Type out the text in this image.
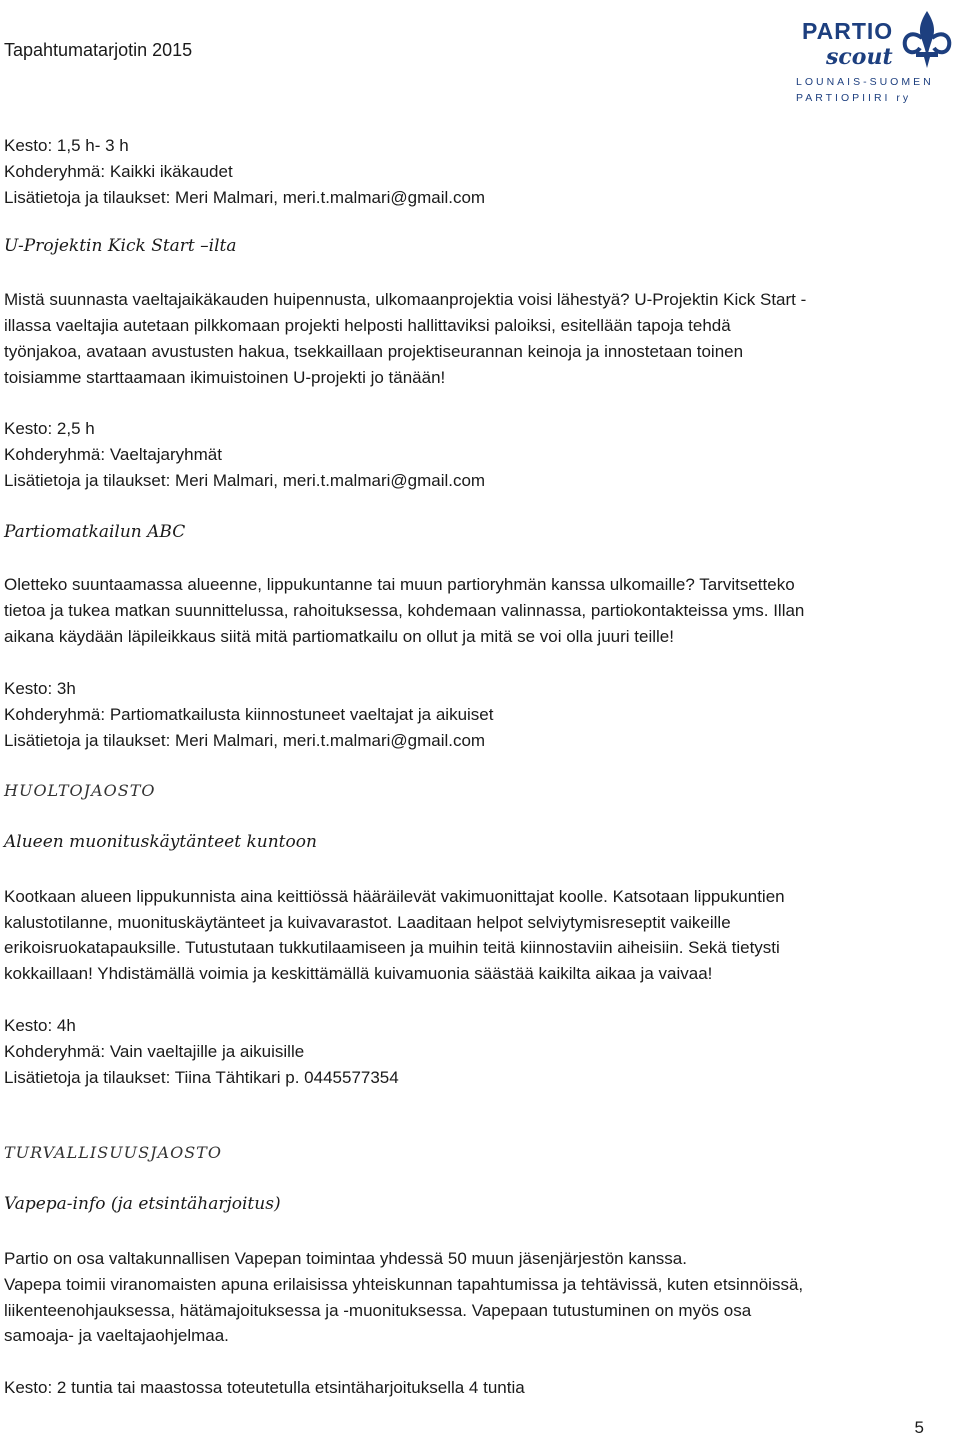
Tapahtumatarjotin 2015
PARTIO
scout
LOUNAIS-SUOMEN
PARTIOPIIRI ry
Kesto: 1,5 h- 3 h
Kohderyhmä: Kaikki ikäkaudet
Lisätietoja ja tilaukset: Meri Malmari, meri.t.malmari@gmail.com
U-Projektin Kick Start –ilta
Mistä suunnasta vaeltajaikäkauden huipennusta, ulkomaanprojektia voisi lähestyä? U-Projektin Kick Start -
illassa vaeltajia autetaan pilkkomaan projekti helposti hallittaviksi paloiksi, esitellään tapoja tehdä
työnjakoa, avataan avustusten hakua, tsekkaillaan projektiseurannan keinoja ja innostetaan toinen
toisiamme starttaamaan ikimuistoinen U-projekti jo tänään!
Kesto: 2,5 h
Kohderyhmä: Vaeltajaryhmät
Lisätietoja ja tilaukset: Meri Malmari, meri.t.malmari@gmail.com
Partiomatkailun ABC
Oletteko suuntaamassa alueenne, lippukuntanne tai muun partioryhmän kanssa ulkomaille? Tarvitsetteko
tietoa ja tukea matkan suunnittelussa, rahoituksessa, kohdemaan valinnassa, partiokontakteissa yms. Illan
aikana käydään läpileikkaus siitä mitä partiomatkailu on ollut ja mitä se voi olla juuri teille!
Kesto: 3h
Kohderyhmä: Partiomatkailusta kiinnostuneet vaeltajat ja aikuiset
Lisätietoja ja tilaukset: Meri Malmari, meri.t.malmari@gmail.com
HUOLTOJAOSTO
Alueen muonituskäytänteet kuntoon
Kootkaan alueen lippukunnista aina keittiössä hääräilevät vakimuonittajat koolle. Katsotaan lippukuntien
kalustotilanne, muonituskäytänteet ja kuivavarastot. Laaditaan helpot selviytymisreseptit vaikeille
erikoisruokatapauksille. Tutustutaan tukkutilaamiseen ja muihin teitä kiinnostaviin aiheisiin. Sekä tietysti
kokkaillaan! Yhdistämällä voimia ja keskittämällä kuivamuonia säästää kaikilta aikaa ja vaivaa!
Kesto: 4h
Kohderyhmä: Vain vaeltajille ja aikuisille
Lisätietoja ja tilaukset: Tiina Tähtikari p. 0445577354
TURVALLISUUSJAOSTO
Vapepa-info (ja etsintäharjoitus)
Partio on osa valtakunnallisen Vapepan toimintaa yhdessä 50 muun jäsenjärjestön kanssa.
Vapepa toimii viranomaisten apuna erilaisissa yhteiskunnan tapahtumissa ja tehtävissä, kuten etsinnöissä,
liikenteenohjauksessa, hätämajoituksessa ja -muonituksessa. Vapepaan tutustuminen on myös osa
samoaja- ja vaeltajaohjelmaa.
Kesto: 2 tuntia tai maastossa toteutetulla etsintäharjoituksella 4 tuntia
5
